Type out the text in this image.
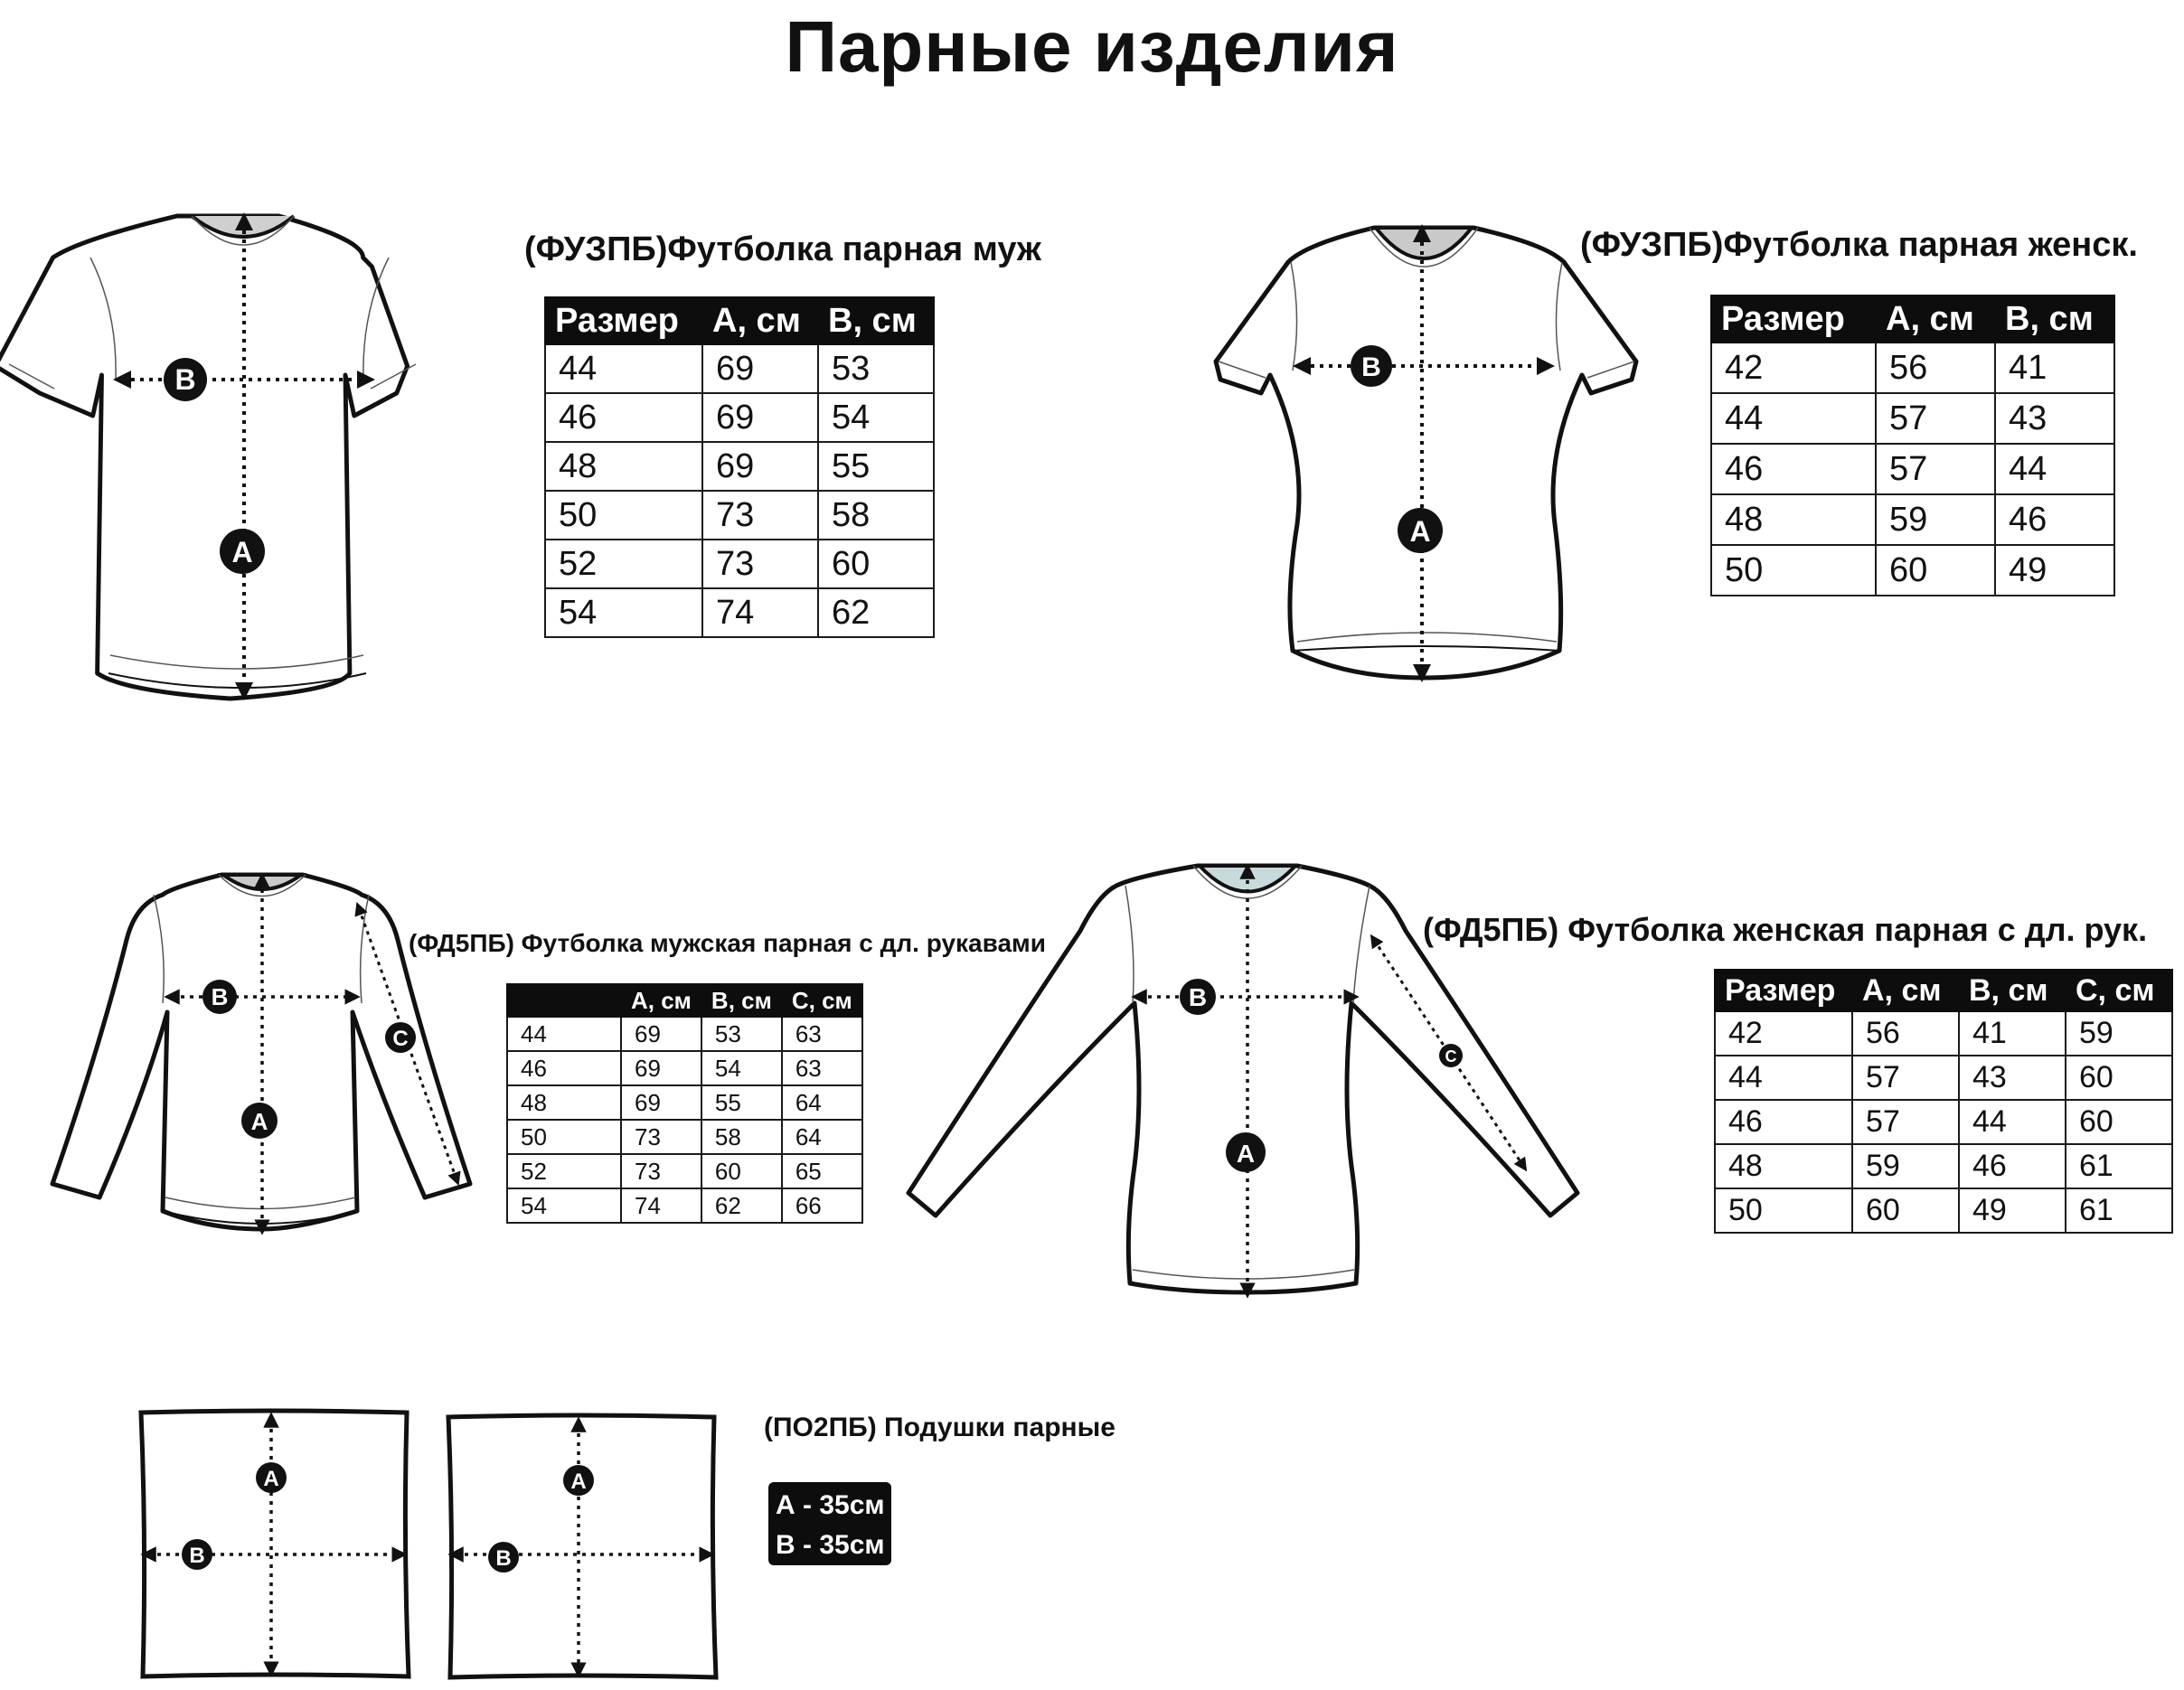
Парные изделия
B
A
(ФУЗПБ)Футболка парная муж
Размер	А, см	В, см
44	69	53
46	69	54
48	69	55
50	73	58
52	73	60
54	74	62
B
A
(ФУЗПБ)Футболка парная женск.
Размер	А, см	В, см
42	56	41
44	57	43
46	57	44
48	59	46
50	60	49
B
A
C
(ФД5ПБ) Футболка мужская парная с дл. рукавами
	А, см	В, см	С, см
44	69	53	63
46	69	54	63
48	69	55	64
50	73	58	64
52	73	60	65
54	74	62	66
B
A
C
(ФД5ПБ) Футболка женская парная с дл. рук.
Размер	А, см	В, см	С, см
42	56	41	59
44	57	43	60
46	57	44	60
48	59	46	61
50	60	49	61
A
B
A
B
(ПО2ПБ) Подушки парные
А - 35см
В - 35см
